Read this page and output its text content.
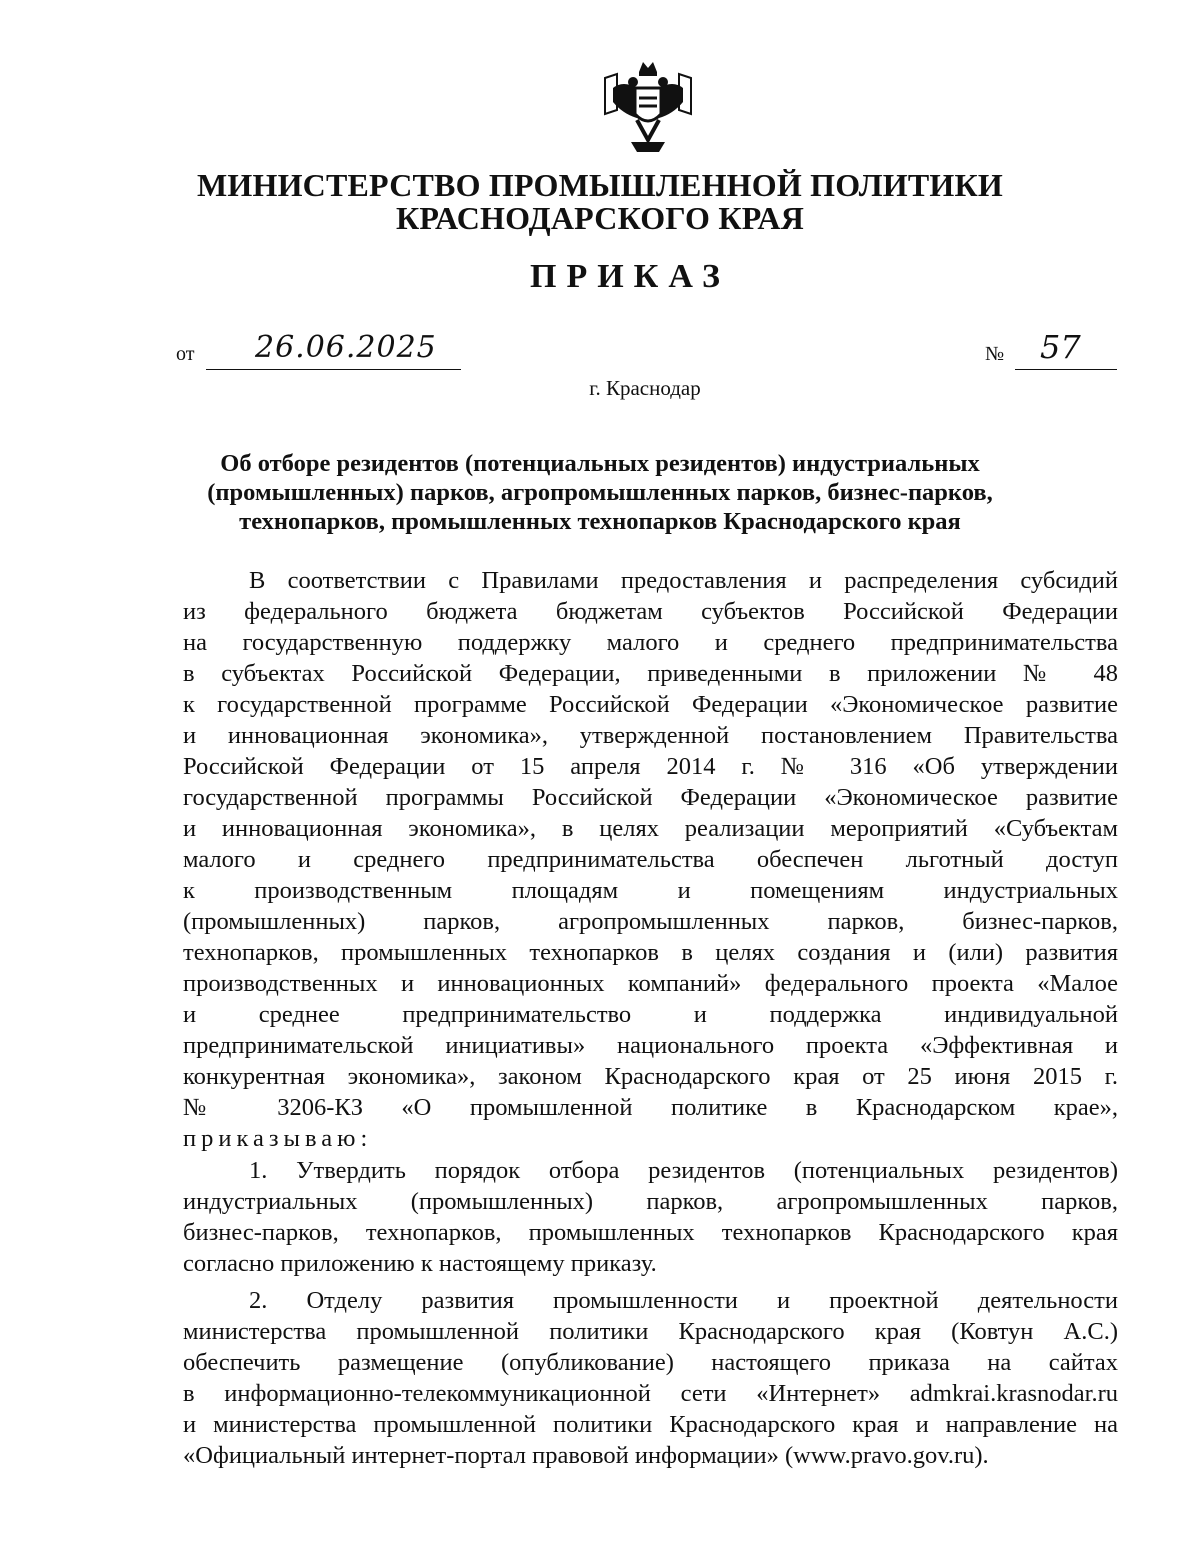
МИНИСТЕРСТВО ПРОМЫШЛЕННОЙ ПОЛИТИКИ
КРАСНОДАРСКОГО КРАЯ
ПРИКАЗ
от 26.06.2025	№ 57
г. Краснодар
Об отборе резидентов (потенциальных резидентов) индустриальных
(промышленных) парков, агропромышленных парков, бизнес-парков,
технопарков, промышленных технопарков Краснодарского края
В соответствии с Правилами предоставления и распределения субсидий
из федерального бюджета бюджетам субъектов Российской Федерации
на государственную поддержку малого и среднего предпринимательства
в субъектах Российской Федерации, приведенными в приложении № 48
к государственной программе Российской Федерации «Экономическое развитие
и инновационная экономика», утвержденной постановлением Правительства
Российской Федерации от 15 апреля 2014 г. № 316 «Об утверждении
государственной программы Российской Федерации «Экономическое развитие
и инновационная экономика», в целях реализации мероприятий «Субъектам
малого и среднего предпринимательства обеспечен льготный доступ
к производственным площадям и помещениям индустриальных
(промышленных) парков, агропромышленных парков, бизнес-парков,
технопарков, промышленных технопарков в целях создания и (или) развития
производственных и инновационных компаний» федерального проекта «Малое
и среднее предпринимательство и поддержка индивидуальной
предпринимательской инициативы» национального проекта «Эффективная и
конкурентная экономика», законом Краснодарского края от 25 июня 2015 г.
№ 3206-КЗ «О промышленной политике в Краснодарском крае»,
приказываю:
1. Утвердить порядок отбора резидентов (потенциальных резидентов)
индустриальных (промышленных) парков, агропромышленных парков,
бизнес-парков, технопарков, промышленных технопарков Краснодарского края
согласно приложению к настоящему приказу.
2. Отделу развития промышленности и проектной деятельности
министерства промышленной политики Краснодарского края (Ковтун А.С.)
обеспечить размещение (опубликование) настоящего приказа на сайтах
в информационно-телекоммуникационной сети «Интернет» admkrai.krasnodar.ru
и министерства промышленной политики Краснодарского края и направление на
«Официальный интернет-портал правовой информации» (www.pravo.gov.ru).
